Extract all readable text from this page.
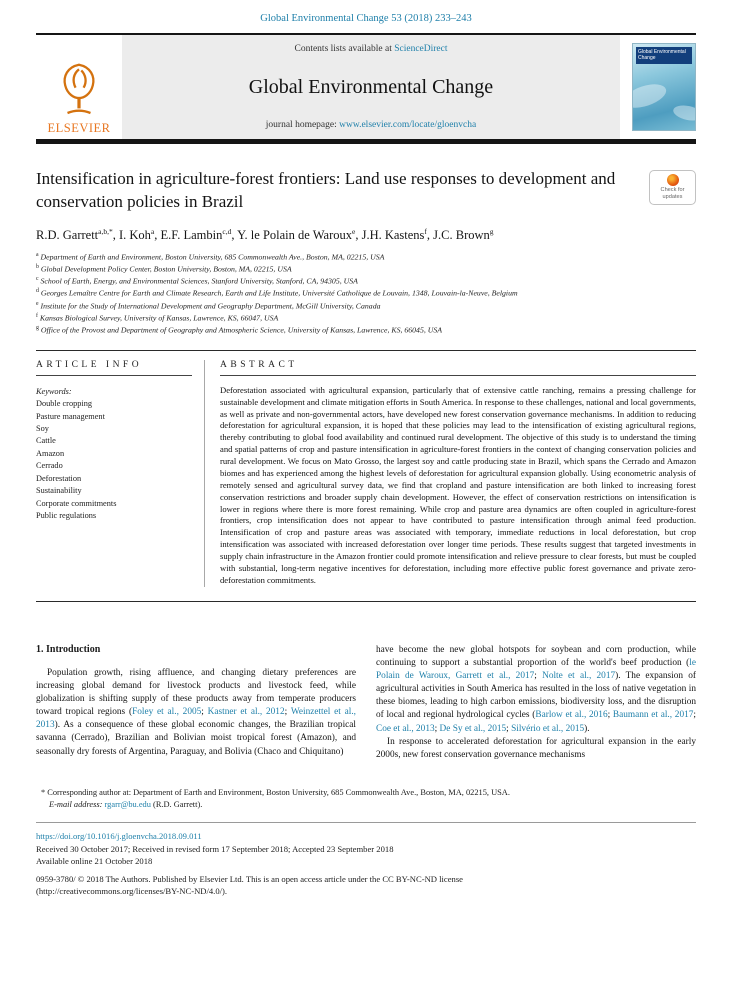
Global Environmental Change 53 (2018) 233–243
ELSEVIER
Contents lists available at ScienceDirect
Global Environmental Change
journal homepage: www.elsevier.com/locate/gloenvcha
Global Environmental Change
Intensification in agriculture-forest frontiers: Land use responses to development and conservation policies in Brazil
Check for
updates
R.D. Garrett$^{a,b,*}$, I. Koh$^a$, E.F. Lambin$^{c,d}$, Y. le Polain de Waroux$^e$, J.H. Kastens$^f$, J.C. Brown$^g$
$^a$ Department of Earth and Environment, Boston University, 685 Commonwealth Ave., Boston, MA, 02215, USA
$^b$ Global Development Policy Center, Boston University, Boston, MA, 02215, USA
$^c$ School of Earth, Energy, and Environmental Sciences, Stanford University, Stanford, CA, 94305, USA
$^d$ Georges Lemaître Centre for Earth and Climate Research, Earth and Life Institute, Université Catholique de Louvain, 1348, Louvain-la-Neuve, Belgium
$^e$ Institute for the Study of International Development and Geography Department, McGill University, Canada
$^f$ Kansas Biological Survey, University of Kansas, Lawrence, KS, 66047, USA
$^g$ Office of the Provost and Department of Geography and Atmospheric Science, University of Kansas, Lawrence, KS, 66045, USA
ARTICLE INFO
Keywords:
Double cropping
Pasture management
Soy
Cattle
Amazon
Cerrado
Deforestation
Sustainability
Corporate commitments
Public regulations
ABSTRACT

Deforestation associated with agricultural expansion, particularly that of extensive cattle ranching, remains a pressing challenge for sustainable development and climate mitigation efforts in South America. In response to these challenges, national and local governments, as well as private and non-governmental actors, have developed new forest conservation governance mechanisms. In addition to reducing deforestation for agricultural expansion, it is hoped that these policies may lead to the intensification of existing agricultural regions, thereby contributing to global food availability and continued rural development. The objective of this study is to understand the timing and spatial patterns of crop and pasture intensification in agriculture-forest frontiers in the context of changing conservation policies and rural development. We focus on Mato Grosso, the largest soy and cattle producing state in Brazil, which spans the Cerrado and Amazon biomes and has experienced among the highest levels of deforestation for agricultural expansion globally. Using econometric analysis of remotely sensed and agricultural survey data, we find that cropland and pasture intensification are both linked to increasing forest conservation restrictions and broader supply chain development. However, the effect of conservation restrictions on intensification is lower in regions where there is more forest remaining. While crop and pasture area dynamics are often coupled in agriculture-forest frontiers, crop intensification does not appear to have contributed to pasture intensification through animal feed production. Intensification of crop and pasture areas was associated with temporary, immediate reductions in local deforestation, but crop intensification was associated with increased deforestation over longer time periods. These results suggest that targeted investments in supply chain infrastructure in the Amazon frontier could promote intensification and relieve pressure to clear forests, but must be coupled with substantial, long-term negative incentives for deforestation, including more effective public forest governance and private zero-deforestation commitments.

1. Introduction

Population growth, rising affluence, and changing dietary preferences are increasing global demand for livestock products and livestock feed, while globalization is shifting supply of these products away from temperate producers toward tropical regions (Foley et al., 2005; Kastner et al., 2012; Weinzettel et al., 2013). As a consequence of these global economic changes, the Brazilian tropical savanna (Cerrado), Brazilian and Bolivian moist tropical forest (Amazon), and seasonally dry forests of Argentina, Paraguay, and Bolivia (Chaco and Chiquitano)

have become the new global hotspots for soybean and corn production, while continuing to support a substantial proportion of the world's beef production (le Polain de Waroux, Garrett et al., 2017; Nolte et al., 2017). The expansion of agricultural activities in South America has resulted in the loss of native vegetation in these biomes, leading to high carbon emissions, biodiversity loss, and the disruption of local and regional hydrological cycles (Barlow et al., 2016; Baumann et al., 2017; Coe et al., 2013; De Sy et al., 2015; Silvério et al., 2015).

In response to accelerated deforestation for agricultural expansion in the early 2000s, new forest conservation governance mechanisms

* Corresponding author at: Department of Earth and Environment, Boston University, 685 Commonwealth Ave., Boston, MA, 02215, USA.
E-mail address: rgarr@bu.edu (R.D. Garrett).
https://doi.org/10.1016/j.gloenvcha.2018.09.011
Received 30 October 2017; Received in revised form 17 September 2018; Accepted 23 September 2018
Available online 21 October 2018
0959-3780/ © 2018 The Authors. Published by Elsevier Ltd. This is an open access article under the CC BY-NC-ND license
(http://creativecommons.org/licenses/BY-NC-ND/4.0/).
